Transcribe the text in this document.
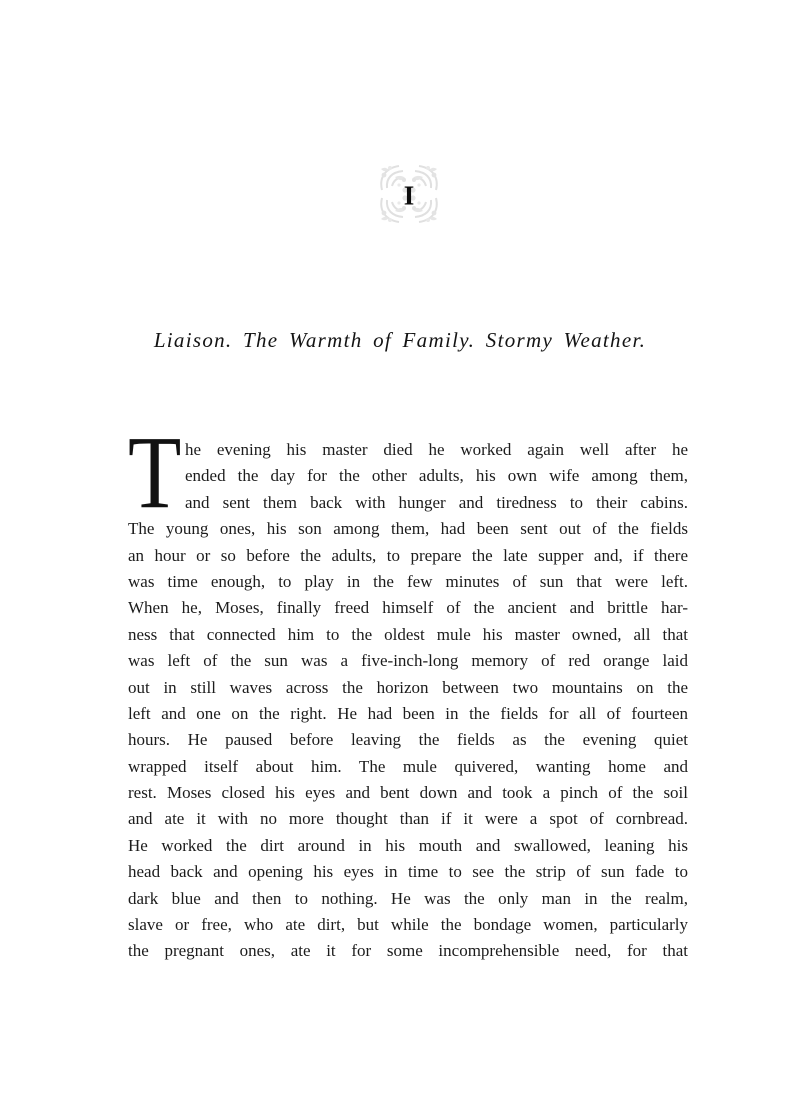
I
Liaison. The Warmth of Family. Stormy Weather.
T he evening his master died he worked again well after he
ended the day for the other adults, his own wife among them,
and sent them back with hunger and tiredness to their cabins.
The young ones, his son among them, had been sent out of the fields
an hour or so before the adults, to prepare the late supper and, if there
was time enough, to play in the few minutes of sun that were left.
When he, Moses, finally freed himself of the ancient and brittle har-
ness that connected him to the oldest mule his master owned, all that
was left of the sun was a five-inch-long memory of red orange laid
out in still waves across the horizon between two mountains on the
left and one on the right. He had been in the fields for all of fourteen
hours. He paused before leaving the fields as the evening quiet
wrapped itself about him. The mule quivered, wanting home and
rest. Moses closed his eyes and bent down and took a pinch of the soil
and ate it with no more thought than if it were a spot of cornbread.
He worked the dirt around in his mouth and swallowed, leaning his
head back and opening his eyes in time to see the strip of sun fade to
dark blue and then to nothing. He was the only man in the realm,
slave or free, who ate dirt, but while the bondage women, particularly
the pregnant ones, ate it for some incomprehensible need, for that
